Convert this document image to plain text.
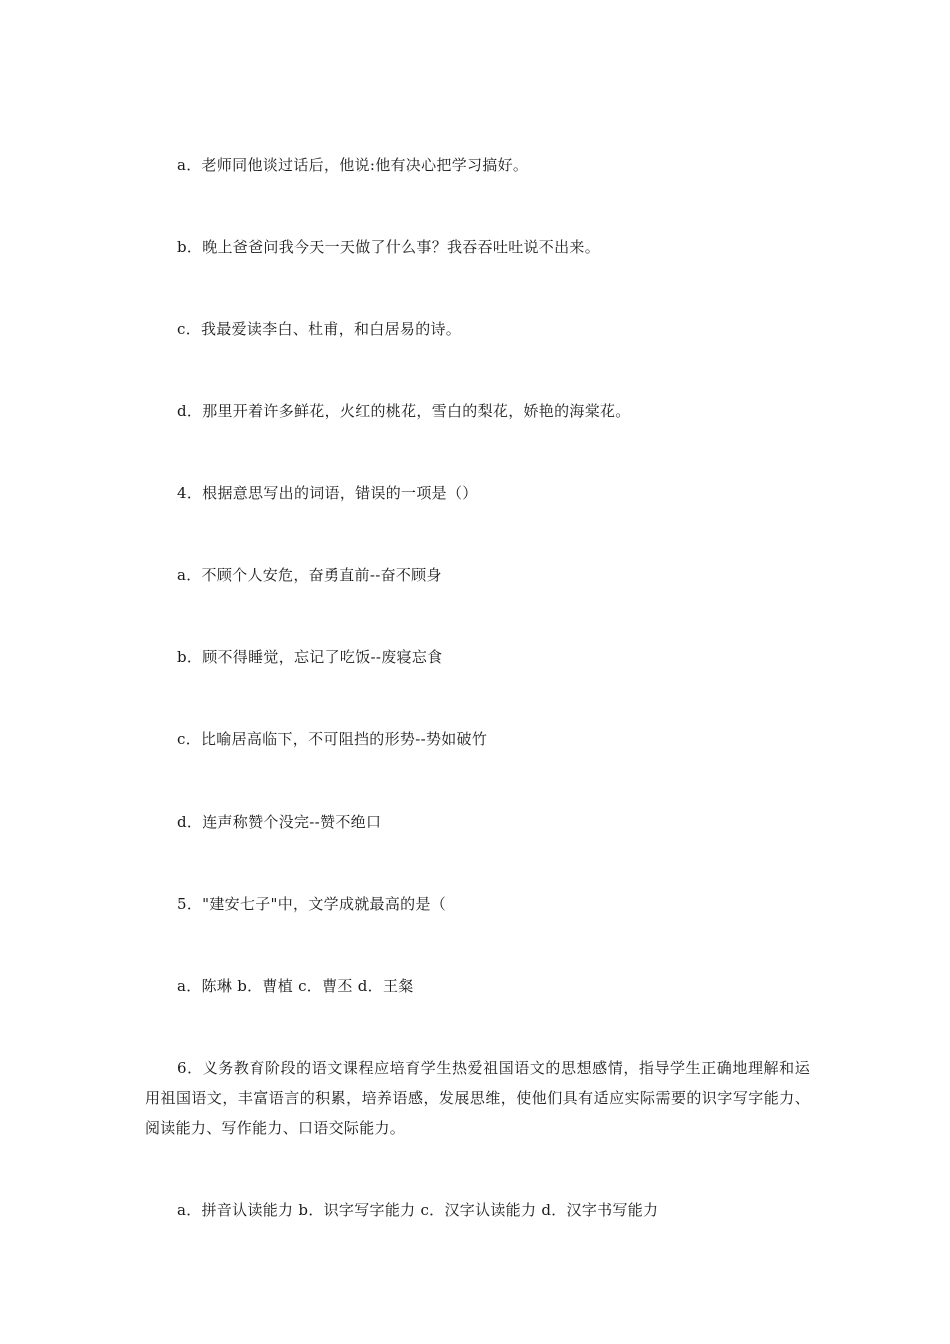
a．老师同他谈过话后，他说:他有决心把学习搞好。
b．晚上爸爸问我今天一天做了什么事？我吞吞吐吐说不出来。
c．我最爱读李白、杜甫，和白居易的诗。
d．那里开着许多鲜花，火红的桃花，雪白的梨花，娇艳的海棠花。
4．根据意思写出的词语，错误的一项是（）
a．不顾个人安危，奋勇直前--奋不顾身
b．顾不得睡觉，忘记了吃饭--废寝忘食
c．比喻居高临下，不可阻挡的形势--势如破竹
d．连声称赞个没完--赞不绝口
5．"建安七子"中，文学成就最高的是（
a．陈琳 b．曹植 c．曹丕 d．王粲
6．义务教育阶段的语文课程应培育学生热爱祖国语文的思想感情，指导学生正确地理解和运用祖国语文，丰富语言的积累，培养语感，发展思维，使他们具有适应实际需要的识字写字能力、阅读能力、写作能力、口语交际能力。
a．拼音认读能力 b．识字写字能力 c．汉字认读能力 d．汉字书写能力
